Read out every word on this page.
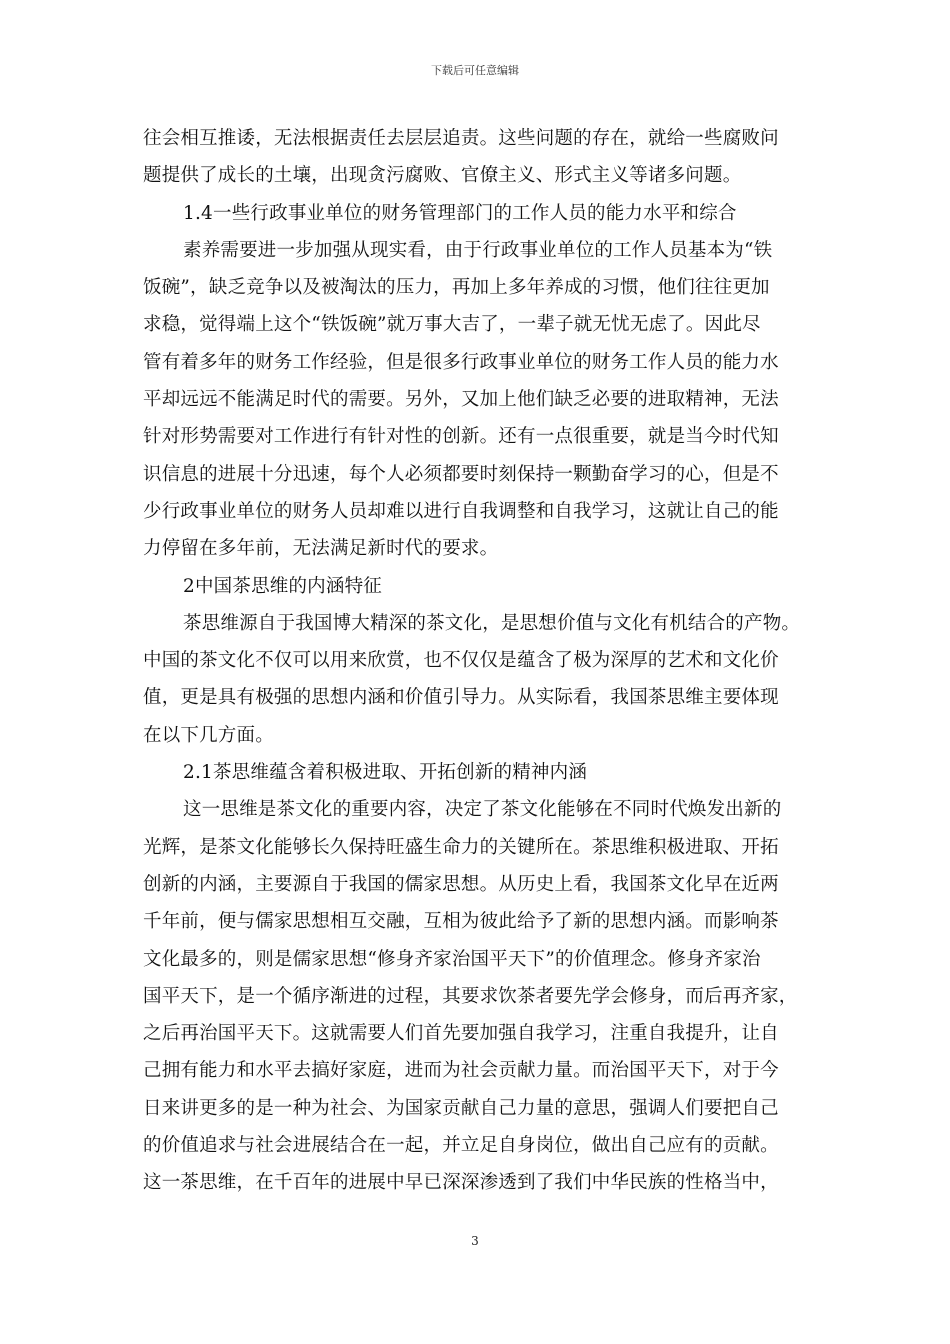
下载后可任意编辑
往会相互推诿，无法根据责任去层层追责。这些问题的存在，就给一些腐败问
题提供了成长的土壤，出现贪污腐败、官僚主义、形式主义等诸多问题。
1.4一些行政事业单位的财务管理部门的工作人员的能力水平和综合
素养需要进一步加强从现实看，由于行政事业单位的工作人员基本为“铁
饭碗”，缺乏竞争以及被淘汰的压力，再加上多年养成的习惯，他们往往更加
求稳，觉得端上这个“铁饭碗”就万事大吉了，一辈子就无忧无虑了。因此尽
管有着多年的财务工作经验，但是很多行政事业单位的财务工作人员的能力水
平却远远不能满足时代的需要。另外，又加上他们缺乏必要的进取精神，无法
针对形势需要对工作进行有针对性的创新。还有一点很重要，就是当今时代知
识信息的进展十分迅速，每个人必须都要时刻保持一颗勤奋学习的心，但是不
少行政事业单位的财务人员却难以进行自我调整和自我学习，这就让自己的能
力停留在多年前，无法满足新时代的要求。
2中国茶思维的内涵特征
茶思维源自于我国博大精深的茶文化，是思想价值与文化有机结合的产物。
中国的茶文化不仅可以用来欣赏，也不仅仅是蕴含了极为深厚的艺术和文化价
值，更是具有极强的思想内涵和价值引导力。从实际看，我国茶思维主要体现
在以下几方面。
2.1茶思维蕴含着积极进取、开拓创新的精神内涵
这一思维是茶文化的重要内容，决定了茶文化能够在不同时代焕发出新的
光辉，是茶文化能够长久保持旺盛生命力的关键所在。茶思维积极进取、开拓
创新的内涵，主要源自于我国的儒家思想。从历史上看，我国茶文化早在近两
千年前，便与儒家思想相互交融，互相为彼此给予了新的思想内涵。而影响茶
文化最多的，则是儒家思想“修身齐家治国平天下”的价值理念。修身齐家治
国平天下，是一个循序渐进的过程，其要求饮茶者要先学会修身，而后再齐家，
之后再治国平天下。这就需要人们首先要加强自我学习，注重自我提升，让自
己拥有能力和水平去搞好家庭，进而为社会贡献力量。而治国平天下，对于今
日来讲更多的是一种为社会、为国家贡献自己力量的意思，强调人们要把自己
的价值追求与社会进展结合在一起，并立足自身岗位，做出自己应有的贡献。
这一茶思维，在千百年的进展中早已深深渗透到了我们中华民族的性格当中，
3
